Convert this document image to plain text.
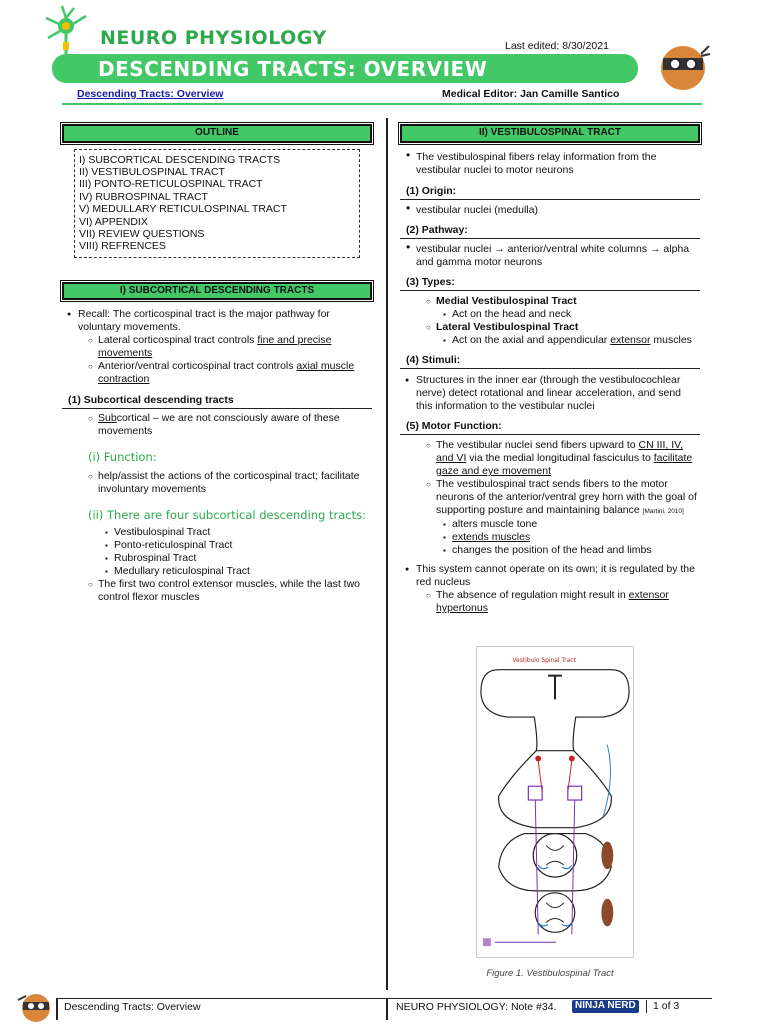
NEURO PHYSIOLOGY	Last edited: 8/30/2021
DESCENDING TRACTS: OVERVIEW
Descending Tracts: Overview	Medical Editor: Jan Camille Santico
OUTLINE
I) SUBCORTICAL DESCENDING TRACTS
II) VESTIBULOSPINAL TRACT
III) PONTO-RETICULOSPINAL TRACT
IV) RUBROSPINAL TRACT
V) MEDULLARY RETICULOSPINAL TRACT
VI) APPENDIX
VII) REVIEW QUESTIONS
VIII) REFRENCES
I) SUBCORTICAL DESCENDING TRACTS
● Recall: The corticospinal tract is the major pathway for voluntary movements.
○ Lateral corticospinal tract controls fine and precise movements
○ Anterior/ventral corticospinal tract controls axial muscle contraction
(1) Subcortical descending tracts
○ Subcortical – we are not consciously aware of these movements
(i) Function:
○ help/assist the actions of the corticospinal tract; facilitate involuntary movements
(ii) There are four subcortical descending tracts:
▪ Vestibulospinal Tract
▪ Ponto-reticulospinal Tract
▪ Rubrospinal Tract
▪ Medullary reticulospinal Tract
○ The first two control extensor muscles, while the last two control flexor muscles
II) VESTIBULOSPINAL TRACT
• The vestibulospinal fibers relay information from the vestibular nuclei to motor neurons
(1) Origin:
• vestibular nuclei (medulla)
(2) Pathway:
• vestibular nuclei → anterior/ventral white columns → alpha and gamma motor neurons
(3) Types:
○ Medial Vestibulospinal Tract
▪ Act on the head and neck
○ Lateral Vestibulospinal Tract
▪ Act on the axial and appendicular extensor muscles
(4) Stimuli:
● Structures in the inner ear (through the vestibulocochlear nerve) detect rotational and linear acceleration, and send this information to the vestibular nuclei
(5) Motor Function:
○ The vestibular nuclei send fibers upward to CN III, IV, and VI via the medial longitudinal fasciculus to facilitate gaze and eye movement
○ The vestibulospinal tract sends fibers to the motor neurons of the anterior/ventral grey horn with the goal of supporting posture and maintaining balance [Martini, 2010]
▪ alters muscle tone
▪ extends muscles
▪ changes the position of the head and limbs
● This system cannot operate on its own; it is regulated by the red nucleus
○ The absence of regulation might result in extensor hypertonus
Vestibulo Spinal Tract
Figure 1. Vestibulospinal Tract
Descending Tracts: Overview	NEURO PHYSIOLOGY: Note #34.	NINJA NERD	1 of 3
